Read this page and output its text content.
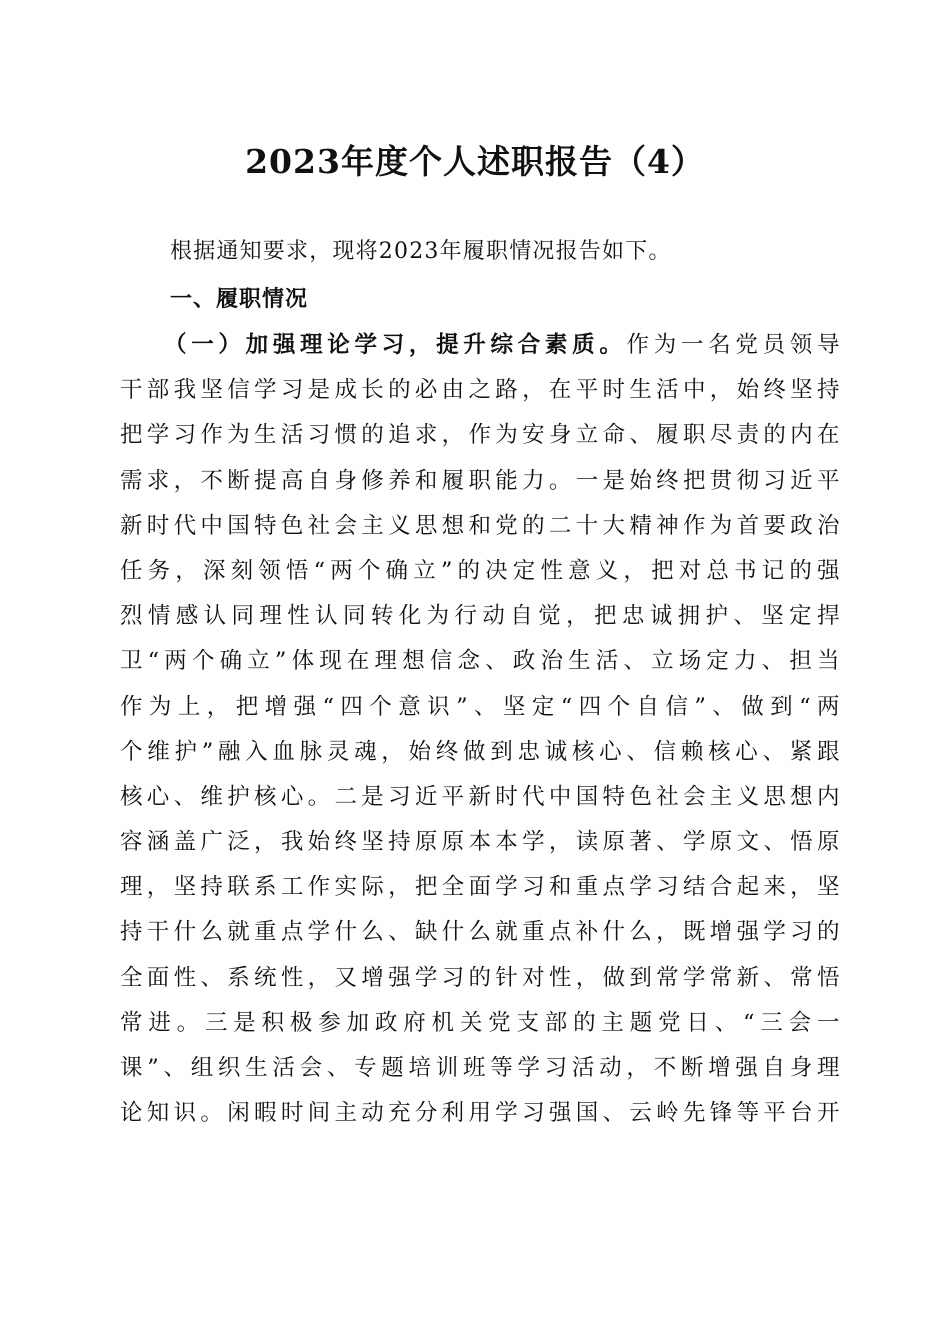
2023年度个人述职报告（4）

根据通知要求，现将2023年履职情况报告如下。

一、履职情况
（一）加强理论学习，提升综合素质。作为一名党员领导
干部我坚信学习是成长的必由之路，在平时生活中，始终坚持
把学习作为生活习惯的追求，作为安身立命、履职尽责的内在
需求，不断提高自身修养和履职能力。一是始终把贯彻习近平
新时代中国特色社会主义思想和党的二十大精神作为首要政治
任务，深刻领悟“两个确立”的决定性意义，把对总书记的强
烈情感认同理性认同转化为行动自觉，把忠诚拥护、坚定捍
卫“两个确立”体现在理想信念、政治生活、立场定力、担当
作为上，把增强“四个意识”、坚定“四个自信”、做到“两
个维护”融入血脉灵魂，始终做到忠诚核心、信赖核心、紧跟
核心、维护核心。二是习近平新时代中国特色社会主义思想内
容涵盖广泛，我始终坚持原原本本学，读原著、学原文、悟原
理，坚持联系工作实际，把全面学习和重点学习结合起来，坚
持干什么就重点学什么、缺什么就重点补什么，既增强学习的
全面性、系统性，又增强学习的针对性，做到常学常新、常悟
常进。三是积极参加政府机关党支部的主题党日、“三会一
课”、组织生活会、专题培训班等学习活动，不断增强自身理
论知识。闲暇时间主动充分利用学习强国、云岭先锋等平台开
